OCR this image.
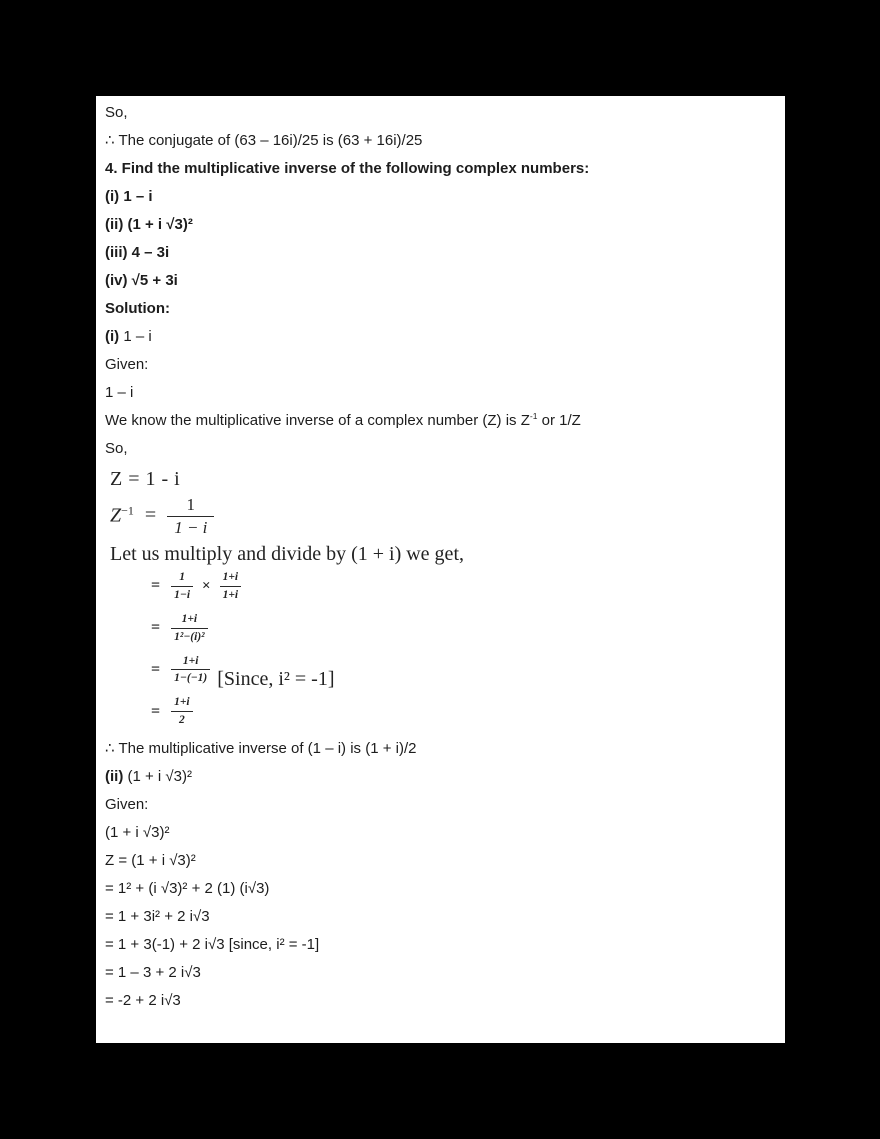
So,

∴ The conjugate of (63 – 16i)/25 is (63 + 16i)/25

4. Find the multiplicative inverse of the following complex numbers:

(i) 1 – i

(ii) (1 + i √3)²

(iii) 4 – 3i

(iv) √5 + 3i

Solution:

(i) 1 – i

Given:

1 – i

We know the multiplicative inverse of a complex number (Z) is $Z^{-1}$ or 1/Z

So,

Z = 1 - i
$Z^{-1} = \frac{1}{1 - i}$
Let us multiply and divide by (1 + i) we get,
= $\frac{1}{1-i} \times \frac{1+i}{1+i}$
= $\frac{1+i}{\text{1²−(i)²}}$
= $\frac{1+i}{1-(-1)}$ [Since, i² = -1]
= $\frac{1+i}{2}$

∴ The multiplicative inverse of (1 – i) is (1 + i)/2

(ii) (1 + i √3)²

Given:

(1 + i √3)²

Z = (1 + i √3)²

= 1² + (i √3)² + 2 (1) (i√3)

= 1 + 3i² + 2 i√3

= 1 + 3(-1) + 2 i√3 [since, i² = -1]

= 1 – 3 + 2 i√3

= -2 + 2 i√3
